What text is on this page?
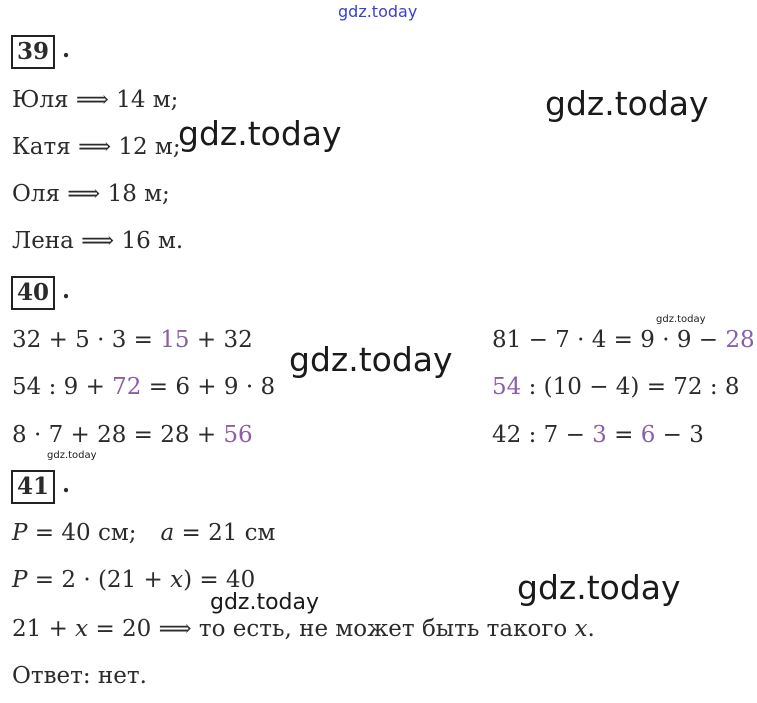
gdz.today
gdz.today
gdz.today
gdz.today
gdz.today
gdz.today
gdz.today
gdz.today
39 .
Юля ⟹ 14 м;
Катя ⟹ 12 м;
Оля ⟹ 18 м;
Лена ⟹ 16 м.
40 .
32 + 5 · 3 = 15 + 32
54 : 9 + 72 = 6 + 9 · 8
8 · 7 + 28 = 28 + 56
81 − 7 · 4 = 9 · 9 − 28
54 : (10 − 4) = 72 : 8
42 : 7 − 3 = 6 − 3
41 .
P = 40 см; a = 21 см
P = 2 · (21 + x) = 40
21 + x = 20 ⟹ то есть, не может быть такого x.
Ответ: нет.
